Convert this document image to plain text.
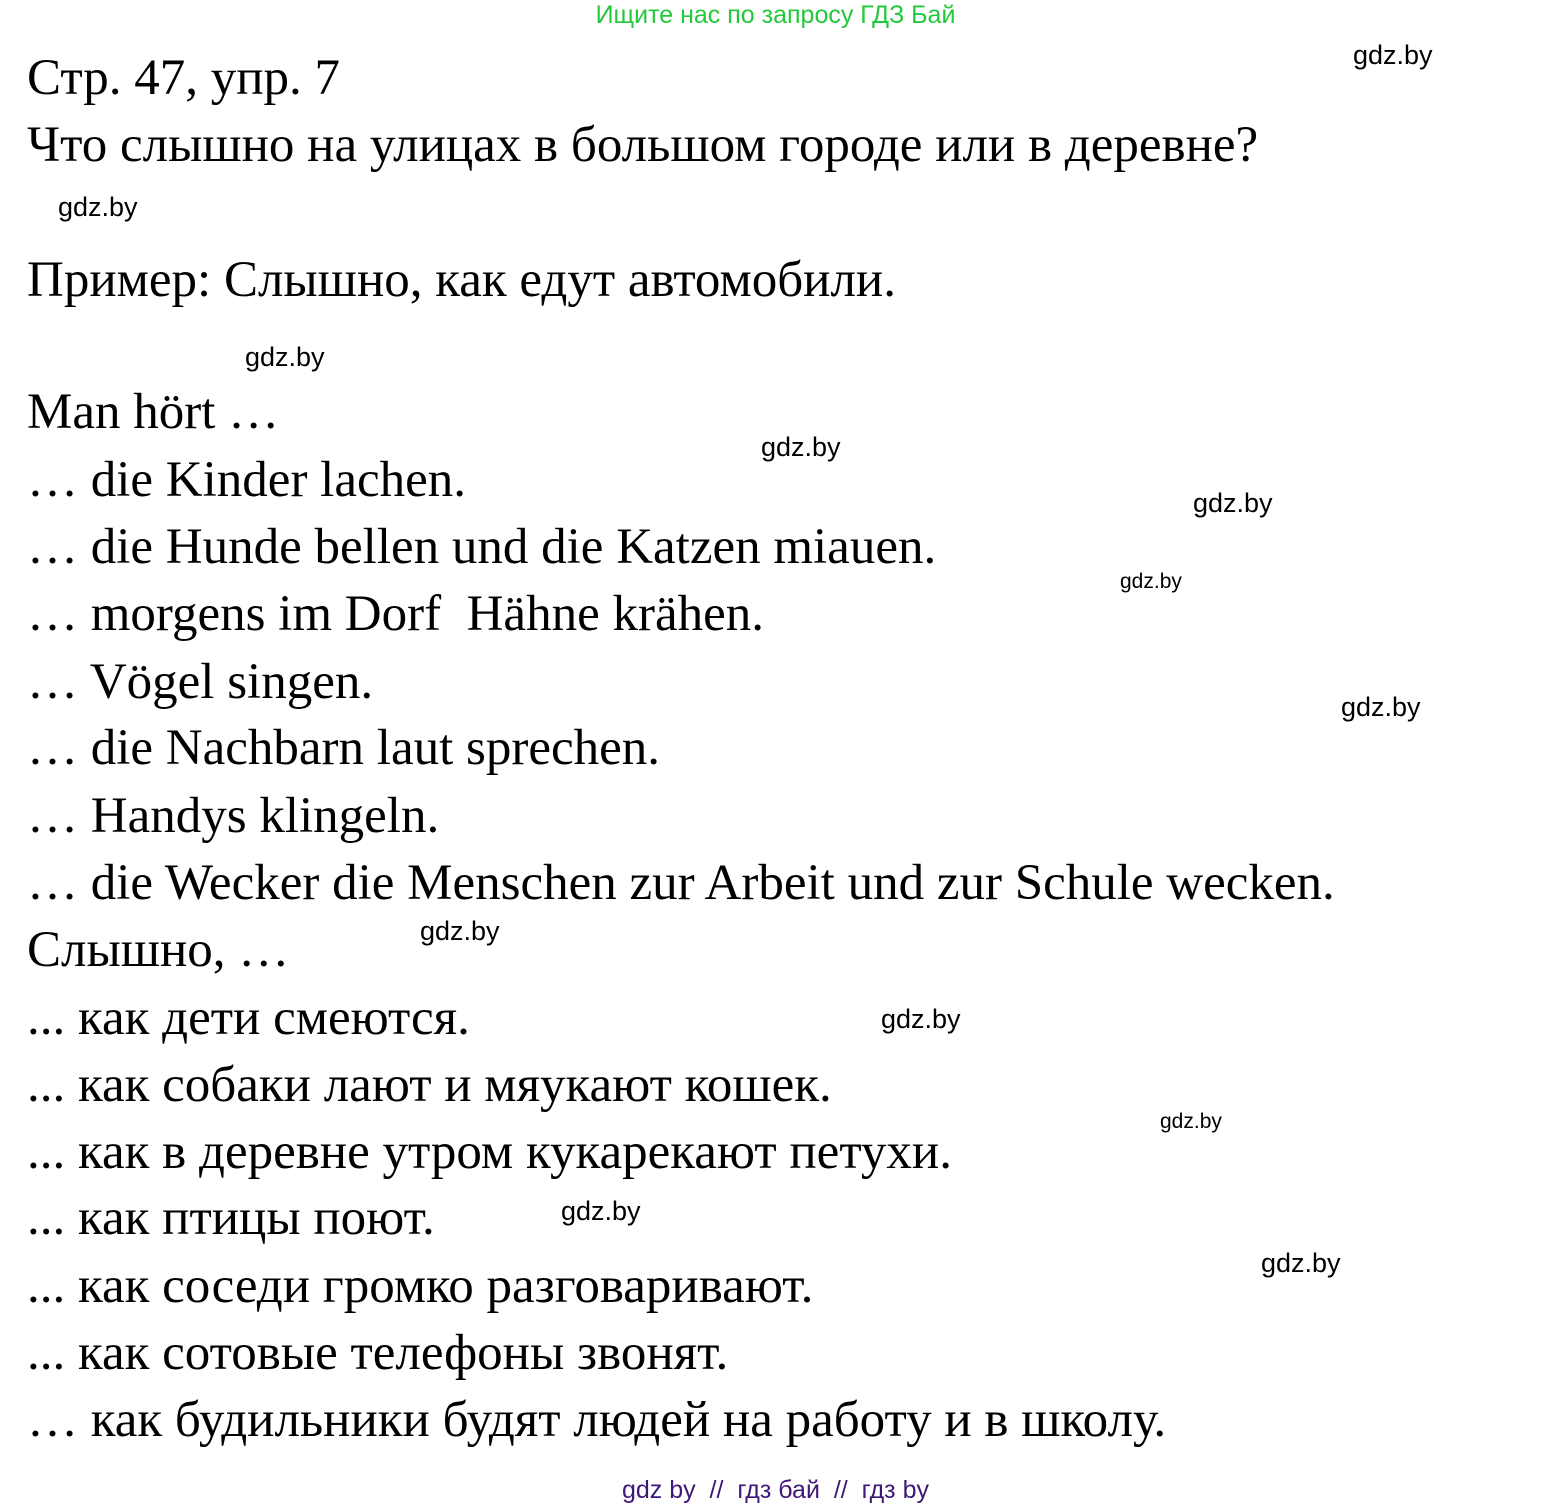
Ищите нас по запросу ГДЗ Бай
Стр. 47, упр. 7
Что слышно на улицах в большом городе или в деревне?
Пример: Слышно, как едут автомобили.
Man hört …
… die Kinder lachen.
… die Hunde bellen und die Katzen miauen.
… morgens im Dorf  Hähne krähen.
… Vögel singen.
… die Nachbarn laut sprechen.
… Handys klingeln.
… die Wecker die Menschen zur Arbeit und zur Schule wecken.
Слышно, …
... как дети смеются.
... как собаки лают и мяукают кошек.
... как в деревне утром кукарекают петухи.
... как птицы поют.
... как соседи громко разговаривают.
... как сотовые телефоны звонят.
… как будильники будят людей на работу и в школу.
gdz.by
gdz.by
gdz.by
gdz.by
gdz.by
gdz.by
gdz.by
gdz.by
gdz.by
gdz.by
gdz.by
gdz.by
gdz by  //  гдз бай  //  гдз by
